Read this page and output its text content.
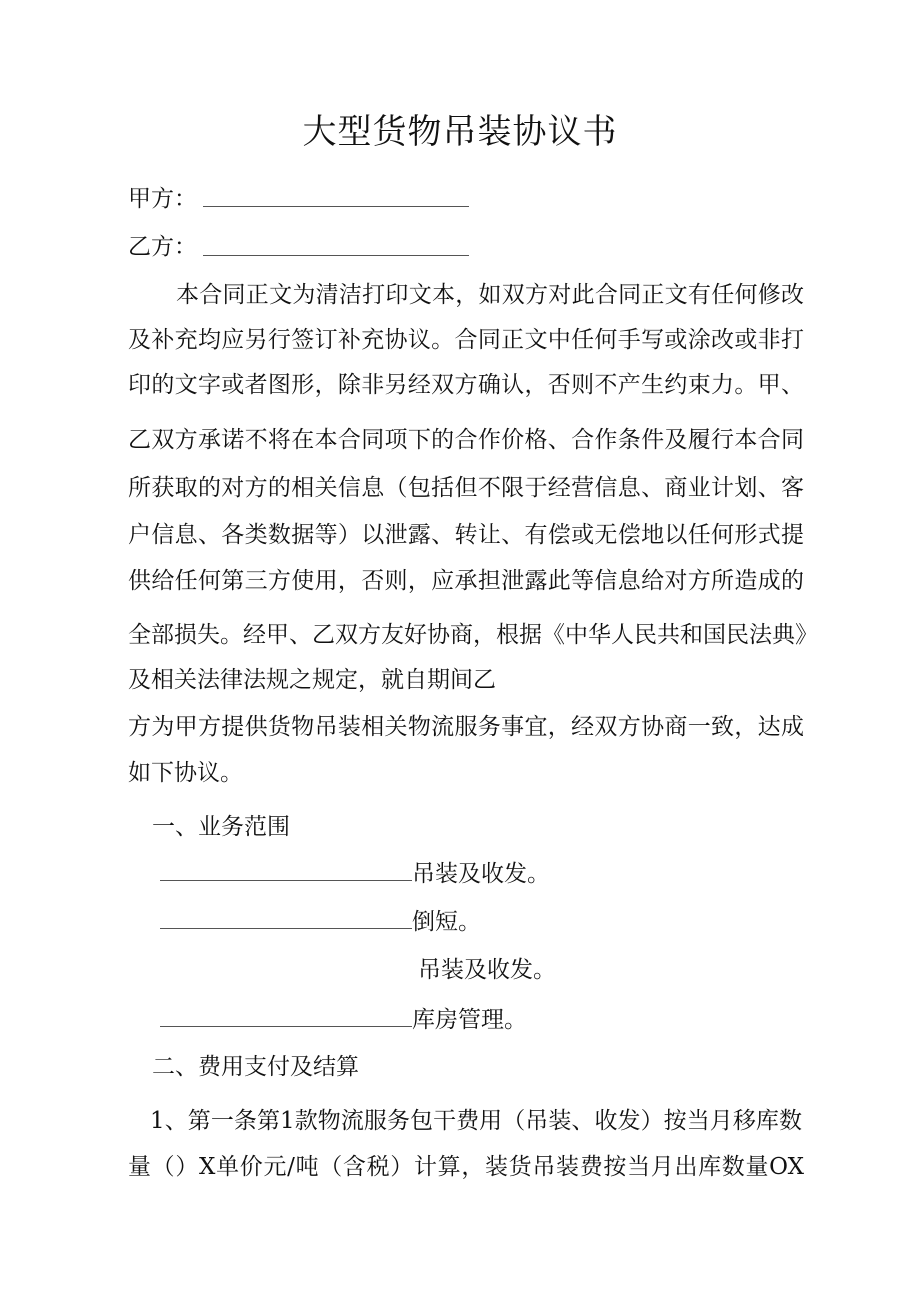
大型货物吊装协议书
甲方：
乙方：
本合同正文为清洁打印文本，如双方对此合同正文有任何修改
及补充均应另行签订补充协议。合同正文中任何手写或涂改或非打
印的文字或者图形，除非另经双方确认，否则不产生约束力。甲、
乙双方承诺不将在本合同项下的合作价格、合作条件及履行本合同
所获取的对方的相关信息（包括但不限于经营信息、商业计划、客
户信息、各类数据等）以泄露、转让、有偿或无偿地以任何形式提
供给任何第三方使用，否则，应承担泄露此等信息给对方所造成的
全部损失。经甲、乙双方友好协商，根据《中华人民共和国民法典》
及相关法律法规之规定，就自期间乙
方为甲方提供货物吊装相关物流服务事宜，经双方协商一致，达成
如下协议。
一、业务范围
吊装及收发。
倒短。
吊装及收发。
库房管理。
二、费用支付及结算
1、第一条第1款物流服务包干费用（吊装、收发）按当月移库数
量（）X单价元/吨（含税）计算，装货吊装费按当月出库数量OX
